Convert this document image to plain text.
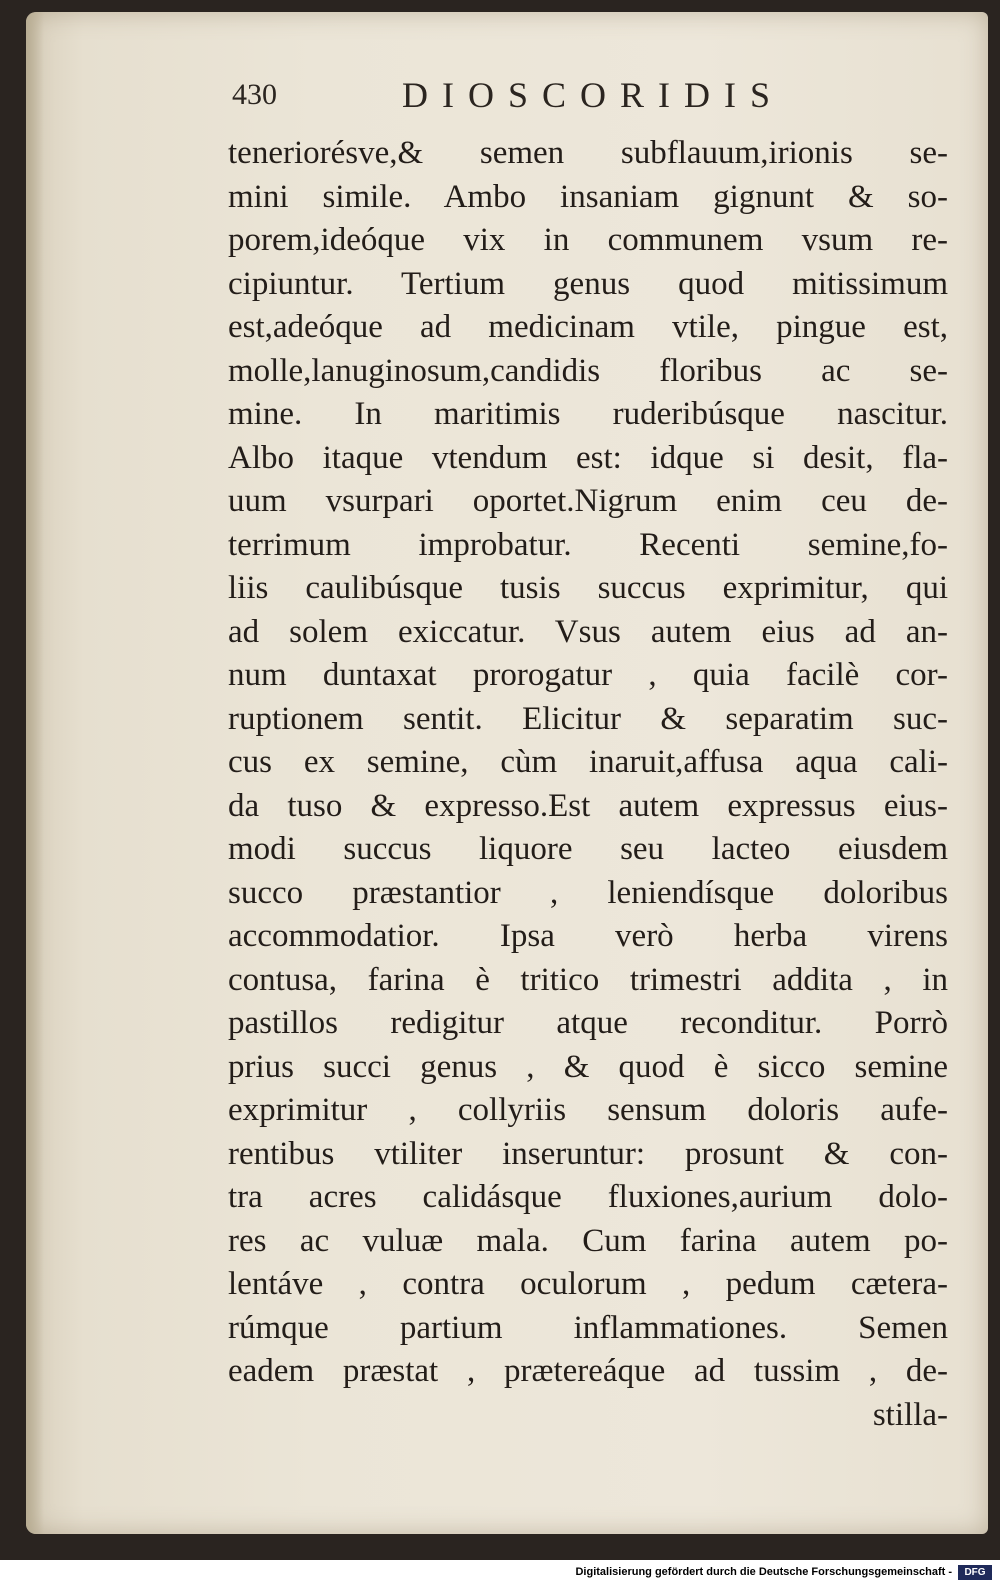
430	DIOSCORIDIS
teneriorésve,& semen subflauum,irionis se-
mini simile. Ambo insaniam gignunt & so-
porem,ideóque vix in communem vsum re-
cipiuntur. Tertium genus quod mitissimum
est,adeóque ad medicinam vtile, pingue est,
molle,lanuginosum,candidis floribus ac se-
mine. In maritimis ruderibúsque nascitur.
Albo itaque vtendum est: idque si desit, fla-
uum vsurpari oportet.Nigrum enim ceu de-
terrimum improbatur. Recenti semine,fo-
liis caulibúsque tusis succus exprimitur, qui
ad solem exiccatur. Vsus autem eius ad an-
num duntaxat prorogatur , quia facilè cor-
ruptionem sentit. Elicitur & separatim suc-
cus ex semine, cùm inaruit,affusa aqua cali-
da tuso & expresso.Est autem expressus eius-
modi succus liquore seu lacteo eiusdem
succo præstantior , leniendísque doloribus
accommodatior. Ipsa verò herba virens
contusa, farina è tritico trimestri addita , in
pastillos redigitur atque reconditur. Porrò
prius succi genus , & quod è sicco semine
exprimitur , collyriis sensum doloris aufe-
rentibus vtiliter inseruntur: prosunt & con-
tra acres calidásque fluxiones,aurium dolo-
res ac vuluæ mala. Cum farina autem po-
lentáve , contra oculorum , pedum cætera-
rúmque partium inflammationes. Semen
eadem præstat , prætereáque ad tussim , de-
stilla-
Digitalisierung gefördert durch die Deutsche Forschungsgemeinschaft -	DFG
